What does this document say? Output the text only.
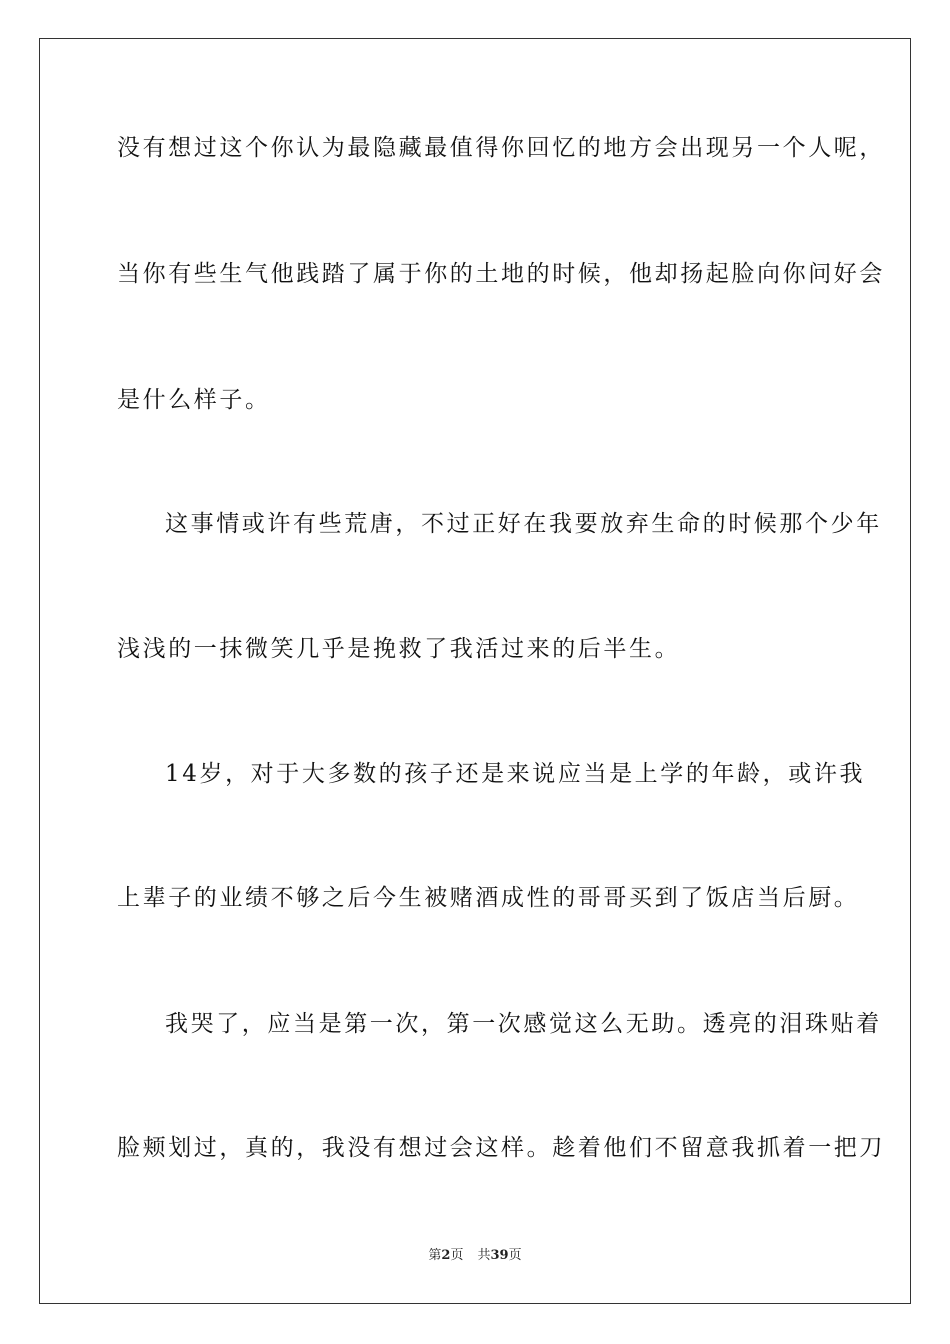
没有想过这个你认为最隐藏最值得你回忆的地方会出现另一个人呢，
当你有些生气他践踏了属于你的土地的时候，他却扬起脸向你问好会
是什么样子。
这事情或许有些荒唐，不过正好在我要放弃生命的时候那个少年
浅浅的一抹微笑几乎是挽救了我活过来的后半生。
14岁，对于大多数的孩子还是来说应当是上学的年龄，或许我
上辈子的业绩不够之后今生被赌酒成性的哥哥买到了饭店当后厨。
我哭了，应当是第一次，第一次感觉这么无助。透亮的泪珠贴着
脸颊划过，真的，我没有想过会这样。趁着他们不留意我抓着一把刀
第2页 共39页
